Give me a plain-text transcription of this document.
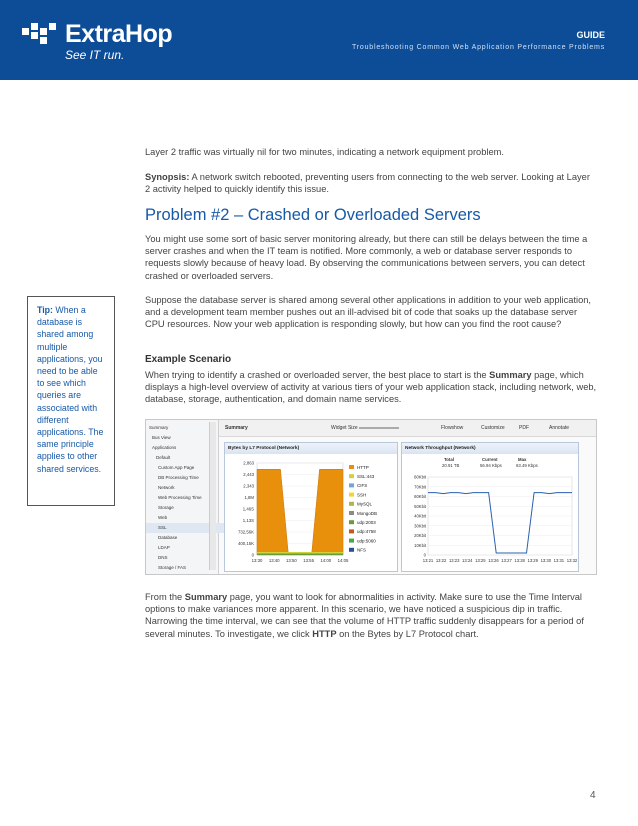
ExtraHop
See IT run.
GUIDE
Troubleshooting Common Web Application Performance Problems
Layer 2 traffic was virtually nil for two minutes, indicating a network equipment problem.
Synopsis: A network switch rebooted, preventing users from connecting to the web server. Looking at Layer 2 activity helped to quickly identify this issue.
Problem #2 – Crashed or Overloaded Servers
You might use some sort of basic server monitoring already, but there can still be delays between the time a server crashes and when the IT team is notified. More commonly, a web or database server responds to requests slowly because of heavy load. By observing the communications between servers, you can detect crashed or overloaded servers.
Suppose the database server is shared among several other applications in addition to your web application, and a development team member pushes out an ill-advised bit of code that soaks up the database server CPU resources. Now your web application is responding slowly, but how can you find the root cause?
Example Scenario
When trying to identify a crashed or overloaded server, the best place to start is the Summary page, which displays a high-level overview of activity at various tiers of your web application stack, including network, web, database, storage, authentication, and domain name services.
Tip: When a database is shared among multiple applications, you need to be able to see which queries are associated with different applications. The same principle applies to other shared services.
Summary
Bus View
Applications
Default
Custom App Page
DB Processing Time
Network
Web Processing Time
Storage
Web
SSL
Database
LDAP
DNS
Storage / FAS
Summary	Widget Size	Flowshow	Customize	PDF	Annotate
Bytes by L7 Protocol (Network)
2,863
2,443
2,343
1,8M
1,46S
1,13S
732,56K
400,15K
0
13:30 13:40 13:50 13:55 14:00 14:05
HTTP
SSL:443
CIFS
SSH
MySQL
MongoDB
udp:2003
udp:4758
udp:5060
NFS
Network Throughput (Network)
Total	Current	Max
20.91 TB	56.94 Kbps	63.49 Kbps
80Kbit
70Kbit
60Kbit
50Kbit
40Kbit
30Kbit
20Kbit
10Kbit
0
13:21 13:22 13:23 13:24 13:25 13:26 13:27 13:28 13:29 13:30 13:31 13:32
From the Summary page, you want to look for abnormalities in activity. Make sure to use the Time Interval options to make variances more apparent. In this scenario, we have noticed a suspicious dip in traffic. Narrowing the time interval, we can see that the volume of HTTP traffic suddenly disappears for a period of several minutes. To investigate, we click HTTP on the Bytes by L7 Protocol chart.
4
